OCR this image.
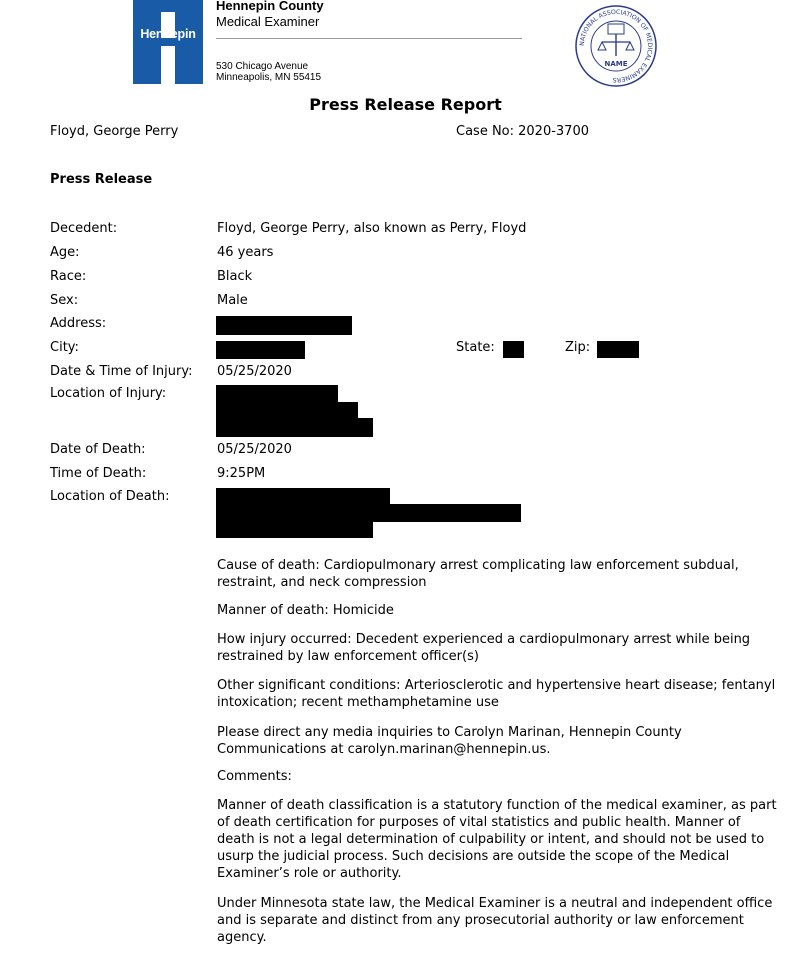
Hennepin
Hennepin County
Medical Examiner
530 Chicago Avenue
Minneapolis, MN 55415
NATIONAL ASSOCIATION OF MEDICAL EXAMINERS
NAME
Press Release Report
Floyd, George Perry	Case No: 2020-3700
Press Release
Decedent:	Floyd, George Perry, also known as Perry, Floyd
Age:	46 years
Race:	Black
Sex:	Male
Address:
City:	State:	Zip:
Date & Time of Injury: 05/25/2020
Location of Injury:
Date of Death:	05/25/2020
Time of Death:	9:25PM
Location of Death:
Cause of death: Cardiopulmonary arrest complicating law enforcement subdual, restraint, and neck compression
Manner of death: Homicide
How injury occurred: Decedent experienced a cardiopulmonary arrest while being restrained by law enforcement officer(s)
Other significant conditions: Arteriosclerotic and hypertensive heart disease; fentanyl intoxication; recent methamphetamine use
Please direct any media inquiries to Carolyn Marinan, Hennepin County Communications at carolyn.marinan@hennepin.us.
Comments:
Manner of death classification is a statutory function of the medical examiner, as part of death certification for purposes of vital statistics and public health. Manner of death is not a legal determination of culpability or intent, and should not be used to usurp the judicial process. Such decisions are outside the scope of the Medical Examiner’s role or authority.
Under Minnesota state law, the Medical Examiner is a neutral and independent office and is separate and distinct from any prosecutorial authority or law enforcement agency.
